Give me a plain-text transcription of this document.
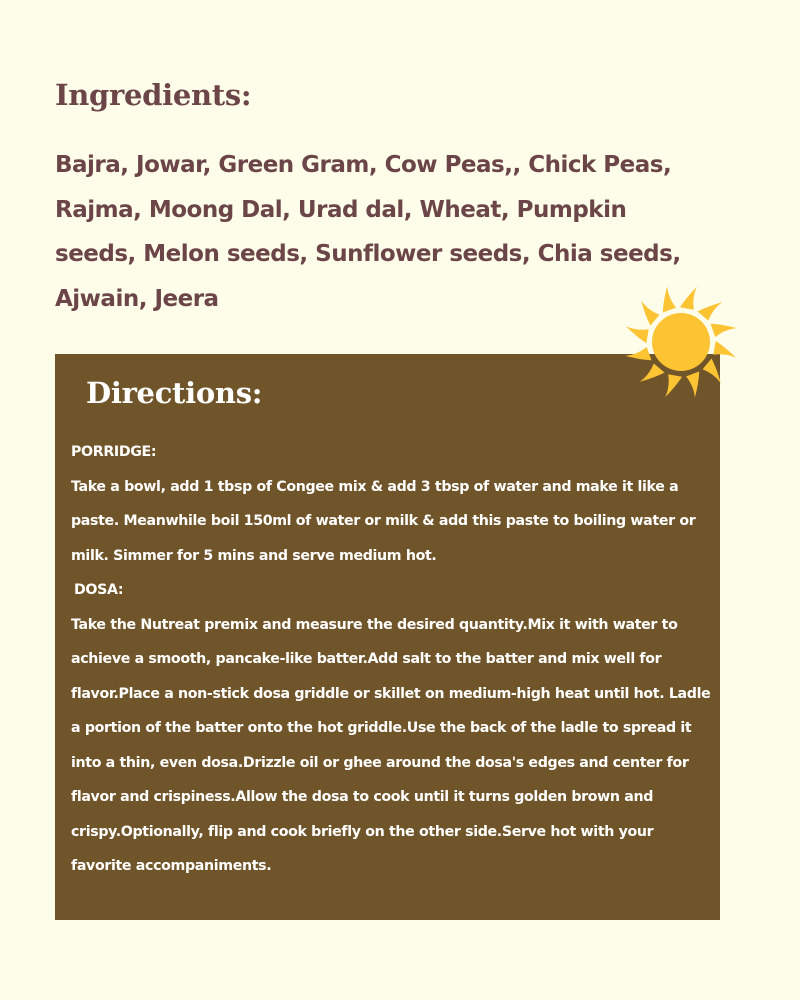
Ingredients:

Bajra, Jowar, Green Gram, Cow Peas,, Chick Peas, Rajma, Moong Dal, Urad dal, Wheat, Pumpkin seeds, Melon seeds, Sunflower seeds, Chia seeds, Ajwain, Jeera

Directions:

PORRIDGE:

Take a bowl, add 1 tbsp of Congee mix & add 3 tbsp of water and make it like a paste. Meanwhile boil 150ml of water or milk & add this paste to boiling water or milk. Simmer for 5 mins and serve medium hot.

DOSA:

Take the Nutreat premix and measure the desired quantity.Mix it with water to achieve a smooth, pancake-like batter.Add salt to the batter and mix well for flavor.Place a non-stick dosa griddle or skillet on medium-high heat until hot. Ladle a portion of the batter onto the hot griddle.Use the back of the ladle to spread it into a thin, even dosa.Drizzle oil or ghee around the dosa's edges and center for flavor and crispiness.Allow the dosa to cook until it turns golden brown and crispy.Optionally, flip and cook briefly on the other side.Serve hot with your favorite accompaniments.
